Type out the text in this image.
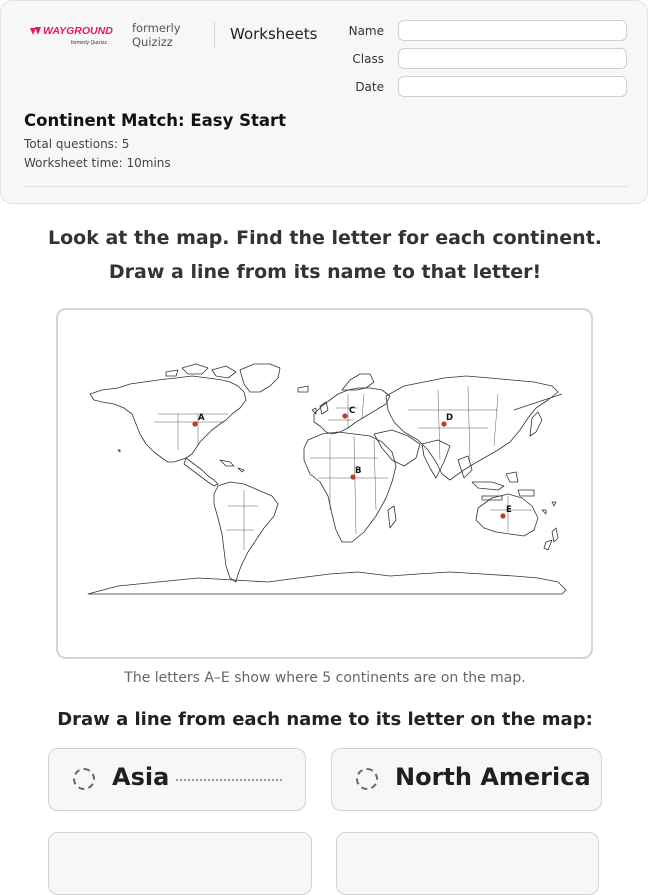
WAYGROUND
formerly Quizizz
formerly
Quizizz	Worksheets	Name
Class
Date
Continent Match: Easy Start
Total questions: 5
Worksheet time: 10mins
Look at the map. Find the letter for each continent.
Draw a line from its name to that letter!
A
B
C
D
E
The letters A–E show where 5 continents are on the map.
Draw a line from each name to its letter on the map:
Asia	North America
